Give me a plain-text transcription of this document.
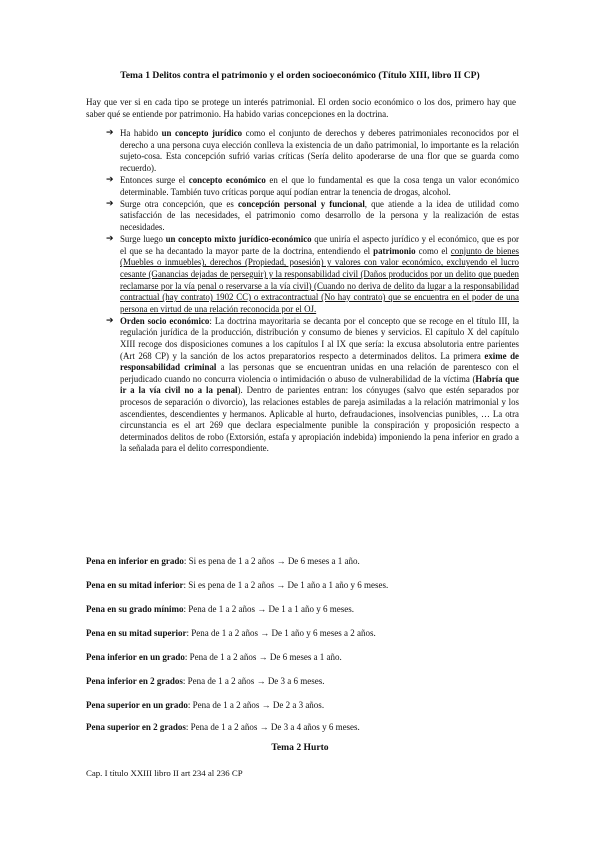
Tema 1 Delitos contra el patrimonio y el orden socioeconómico (Título XIII, libro II CP)
Hay que ver si en cada tipo se protege un interés patrimonial. El orden socio económico o los dos, primero hay que saber qué se entiende por patrimonio. Ha habido varias concepciones en la doctrina.
➔ Ha habido un concepto jurídico como el conjunto de derechos y deberes patrimoniales reconocidos por el derecho a una persona cuya elección conlleva la existencia de un daño patrimonial, lo importante es la relación sujeto-cosa. Esta concepción sufrió varias críticas (Sería delito apoderarse de una flor que se guarda como recuerdo).
➔ Entonces surge el concepto económico en el que lo fundamental es que la cosa tenga un valor económico determinable. También tuvo críticas porque aquí podían entrar la tenencia de drogas, alcohol.
➔ Surge otra concepción, que es concepción personal y funcional, que atiende a la idea de utilidad como satisfacción de las necesidades, el patrimonio como desarrollo de la persona y la realización de estas necesidades.
➔ Surge luego un concepto mixto jurídico-económico que uniría el aspecto jurídico y el económico, que es por el que se ha decantado la mayor parte de la doctrina, entendiendo el patrimonio como el conjunto de bienes (Muebles o inmuebles), derechos (Propiedad, posesión) y valores con valor económico, excluyendo el lucro cesante (Ganancias dejadas de perseguir) y la responsabilidad civil (Daños producidos por un delito que pueden reclamarse por la vía penal o reservarse a la vía civil) (Cuando no deriva de delito da lugar a la responsabilidad contractual (hay contrato) 1902 CC) o extracontractual (No hay contrato) que se encuentra en el poder de una persona en virtud de una relación reconocida por el OJ.
➔ Orden socio económico: La doctrina mayoritaria se decanta por el concepto que se recoge en el título III, la regulación jurídica de la producción, distribución y consumo de bienes y servicios. El capítulo X del capítulo XIII recoge dos disposiciones comunes a los capítulos I al IX que sería: la excusa absolutoria entre parientes (Art 268 CP) y la sanción de los actos preparatorios respecto a determinados delitos. La primera exime de responsabilidad criminal a las personas que se encuentran unidas en una relación de parentesco con el perjudicado cuando no concurra violencia o intimidación o abuso de vulnerabilidad de la víctima (Habría que ir a la vía civil no a la penal). Dentro de parientes entran: los cónyuges (salvo que estén separados por procesos de separación o divorcio), las relaciones estables de pareja asimiladas a la relación matrimonial y los ascendientes, descendientes y hermanos. Aplicable al hurto, defraudaciones, insolvencias punibles, … La otra circunstancia es el art 269 que declara especialmente punible la conspiración y proposición respecto a determinados delitos de robo (Extorsión, estafa y apropiación indebida) imponiendo la pena inferior en grado a la señalada para el delito correspondiente.
Pena en inferior en grado: Si es pena de 1 a 2 años → De 6 meses a 1 año.
Pena en su mitad inferior: Si es pena de 1 a 2 años → De 1 año a 1 año y 6 meses.
Pena en su grado mínimo: Pena de 1 a 2 años → De 1 a 1 año y 6 meses.
Pena en su mitad superior: Pena de 1 a 2 años → De 1 año y 6 meses a 2 años.
Pena inferior en un grado: Pena de 1 a 2 años → De 6 meses a 1 año.
Pena inferior en 2 grados: Pena de 1 a 2 años → De 3 a 6 meses.
Pena superior en un grado: Pena de 1 a 2 años → De 2 a 3 años.
Pena superior en 2 grados: Pena de 1 a 2 años → De 3 a 4 años y 6 meses.
Tema 2 Hurto
Cap. I título XXIII libro II art 234 al 236 CP
